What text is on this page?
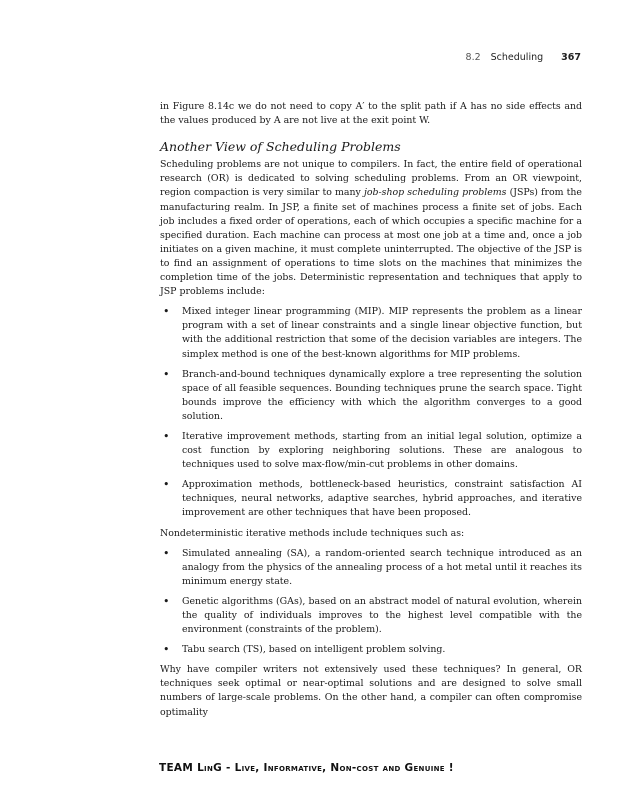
8.2 Scheduling 367

in Figure 8.14c we do not need to copy A′ to the split path if A has no side effects and the values produced by A are not live at the exit point W.

Another View of Scheduling Problems

Scheduling problems are not unique to compilers. In fact, the entire field of operational research (OR) is dedicated to solving scheduling problems. From an OR viewpoint, region compaction is very similar to many job-shop scheduling problems (JSPs) from the manufacturing realm. In JSP, a finite set of machines process a finite set of jobs. Each job includes a fixed order of operations, each of which occupies a specific machine for a specified duration. Each machine can process at most one job at a time and, once a job initiates on a given machine, it must complete uninterrupted. The objective of the JSP is to find an assignment of operations to time slots on the machines that minimizes the completion time of the jobs. Deterministic representation and techniques that apply to JSP problems include:

• Mixed integer linear programming (MIP). MIP represents the problem as a linear program with a set of linear constraints and a single linear objective function, but with the additional restriction that some of the decision variables are integers. The simplex method is one of the best-known algorithms for MIP problems.
• Branch-and-bound techniques dynamically explore a tree representing the solution space of all feasible sequences. Bounding techniques prune the search space. Tight bounds improve the efficiency with which the algorithm converges to a good solution.
• Iterative improvement methods, starting from an initial legal solution, optimize a cost function by exploring neighboring solutions. These are analogous to techniques used to solve max-flow/min-cut problems in other domains.
• Approximation methods, bottleneck-based heuristics, constraint satisfaction AI techniques, neural networks, adaptive searches, hybrid approaches, and iterative improvement are other techniques that have been proposed.

Nondeterministic iterative methods include techniques such as:

• Simulated annealing (SA), a random-oriented search technique introduced as an analogy from the physics of the annealing process of a hot metal until it reaches its minimum energy state.
• Genetic algorithms (GAs), based on an abstract model of natural evolution, wherein the quality of individuals improves to the highest level compatible with the environment (constraints of the problem).
• Tabu search (TS), based on intelligent problem solving.

Why have compiler writers not extensively used these techniques? In general, OR techniques seek optimal or near-optimal solutions and are designed to solve small numbers of large-scale problems. On the other hand, a compiler can often compromise optimality

TEAM LinG - Live, Informative, Non-cost and Genuine !
